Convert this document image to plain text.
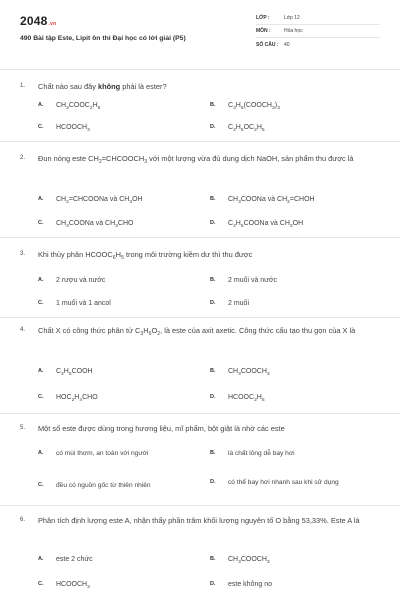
2048.vn
490 Bài tập Este, Lipit ôn thi Đại học có lời giải (P5)
LỚP :	Lớp 12
MÔN :	Hóa học
SỐ CÂU :	40
1.	Chất nào sau đây không phải là ester?
A.	$CH_3COOC_2H_5$	B.	$C_3H_5(COOCH_3)_3$
C.	$HCOOCH_3$	D.	$C_2H_5OC_2H_5$
2.	Đun nóng este $CH_2=CHCOOCH_3$ với một lượng vừa đủ dung dịch NaOH, sản phẩm thu được là
A.	$CH_2=CHCOONa$ và $CH_3OH$	B.	$CH_3COONa$ và $CH_2=CHOH$
C.	$CH_3COONa$ và $CH_3CHO$	D.	$C_2H_5COONa$ và $CH_3OH$
3.	Khi thủy phân $HCOOC_6H_5$ trong môi trường kiềm dư thì thu được
A.	2 rượu và nước	B.	2 muối và nước
C.	1 muối và 1 ancol	D.	2 muối
4.	Chất X có công thức phân tử $C_3H_6O_2$, là este của axit axetic. Công thức cấu tạo thu gọn của X là
A.	$C_2H_5COOH$	B.	$CH_3COOCH_3$
C.	$HOC_2H_4CHO$	D.	$HCOOC_2H_5$
5.	Một số este được dùng trong hương liệu, mĩ phẩm, bột giặt là nhờ các este
A.	có mùi thơm, an toàn với người	B.	là chất lỏng dễ bay hơi
C.	đều có nguồn gốc từ thiên nhiên	D.	có thể bay hơi nhanh sau khi sử dụng
6.	Phân tích định lượng este A, nhận thấy phần trăm khối lượng nguyên tố O bằng 53,33%. Este A là
A.	este 2 chức	B.	$CH_3COOCH_3$
C.	$HCOOCH_3$	D.	este không no
